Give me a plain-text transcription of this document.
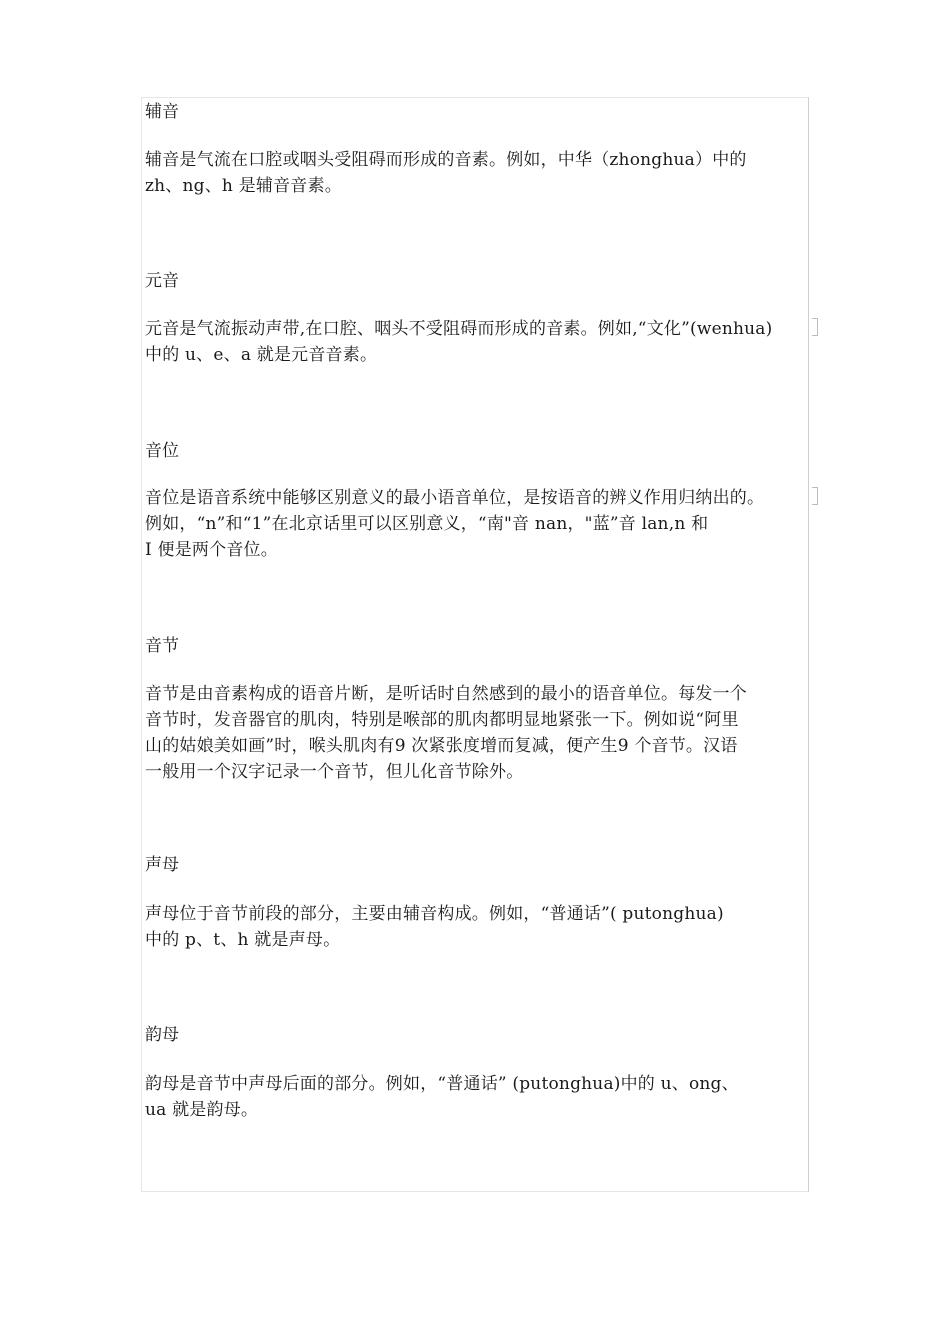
辅音
辅音是气流在口腔或咽头受阻碍而形成的音素。例如，中华（zhonghua）中的
zh、ng、h 是辅音音素。
元音
元音是气流振动声带,在口腔、咽头不受阻碍而形成的音素。例如,“文化”(wenhua)
中的 u、e、a 就是元音音素。
音位
音位是语音系统中能够区别意义的最小语音单位，是按语音的辨义作用归纳出的。
例如，“n”和“1”在北京话里可以区别意义，“南"音 nan，"蓝”音 lan,n 和
I 便是两个音位。
音节
音节是由音素构成的语音片断，是听话时自然感到的最小的语音单位。每发一个
音节时，发音器官的肌肉，特别是喉部的肌肉都明显地紧张一下。例如说“阿里
山的姑娘美如画”时，喉头肌肉有9 次紧张度增而复减，便产生9 个音节。汉语
一般用一个汉字记录一个音节，但儿化音节除外。
声母
声母位于音节前段的部分，主要由辅音构成。例如，“普通话”( putonghua)
中的 p、t、h 就是声母。
韵母
韵母是音节中声母后面的部分。例如，“普通话” (putonghua)中的 u、ong、
ua 就是韵母。
